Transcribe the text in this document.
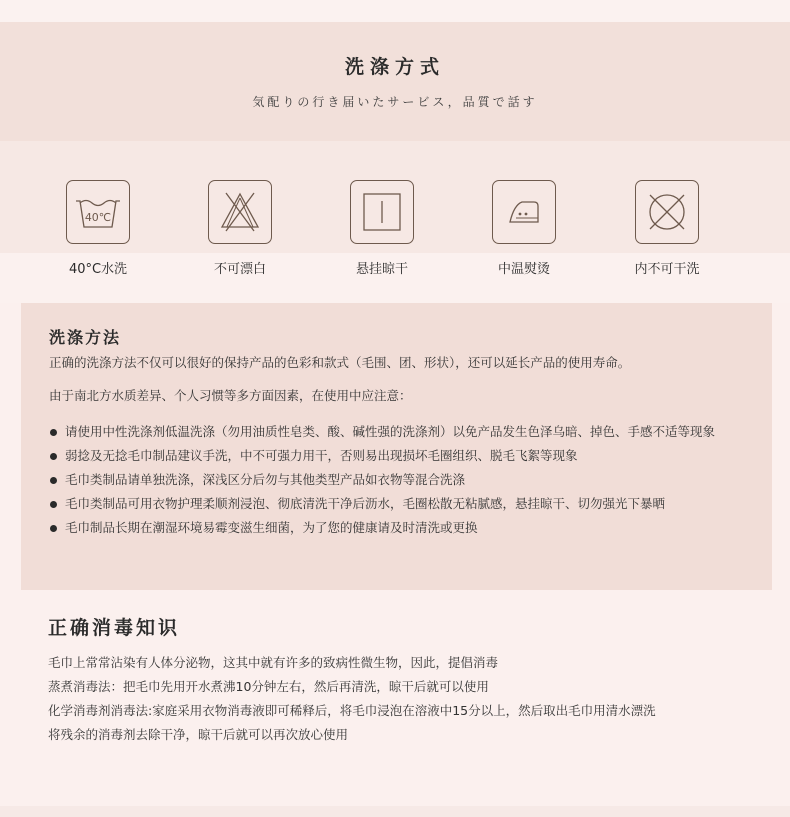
洗涤方式
気配りの行き届いたサービス，品質で話す
40℃
40°C水洗	不可漂白	悬挂晾干	中温熨烫	内不可干洗
洗涤方法
正确的洗涤方法不仅可以很好的保持产品的色彩和款式（毛围、团、形状），还可以延长产品的使用寿命。
由于南北方水质差异、个人习惯等多方面因素，在使用中应注意：
请使用中性洗涤剂低温洗涤（勿用油质性皂类、酸、碱性强的洗涤剂）以免产品发生色泽乌暗、掉色、手感不适等现象
弱捻及无捻毛巾制品建议手洗，中不可强力用干，否则易出现损坏毛圈组织、脱毛飞絮等现象
毛巾类制品请单独洗涤，深浅区分后勿与其他类型产品如衣物等混合洗涤
毛巾类制品可用衣物护理柔顺剂浸泡、彻底清洗干净后沥水，毛圈松散无粘腻感，悬挂晾干、切勿强光下暴晒
毛巾制品长期在潮湿环境易霉变滋生细菌，为了您的健康请及时清洗或更换
正确消毒知识
毛巾上常常沾染有人体分泌物，这其中就有许多的致病性微生物，因此，提倡消毒
蒸煮消毒法：把毛巾先用开水煮沸10分钟左右，然后再清洗，晾干后就可以使用
化学消毒剂消毒法:家庭采用衣物消毒液即可稀释后，将毛巾浸泡在溶液中15分以上，然后取出毛巾用清水漂洗
将残余的消毒剂去除干净，晾干后就可以再次放心使用
